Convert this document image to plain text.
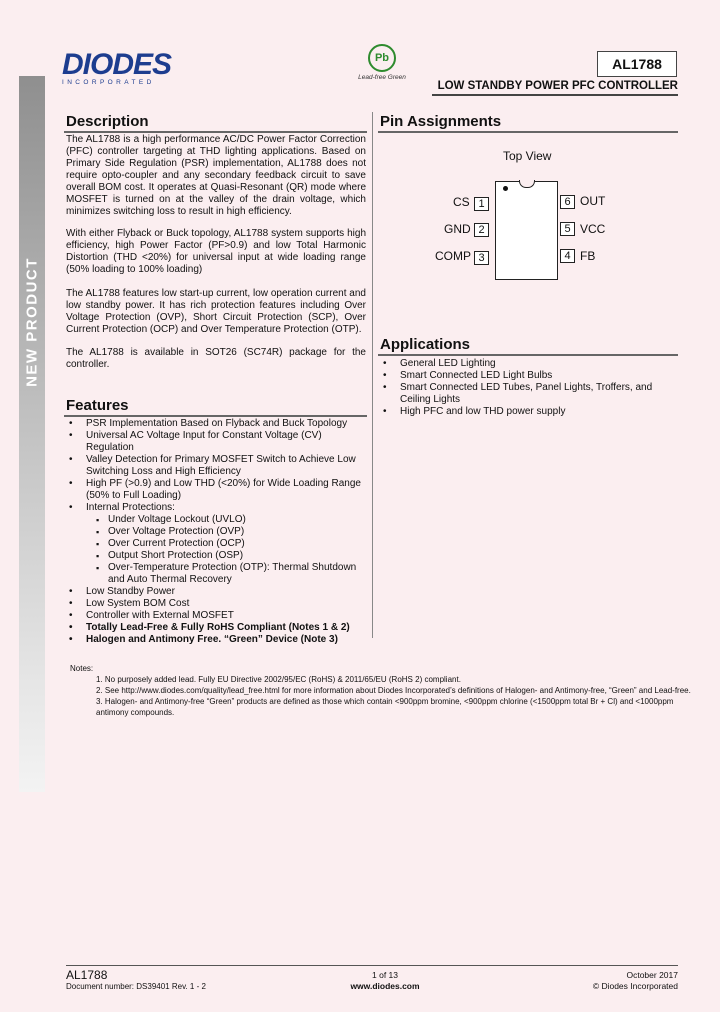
NEW PRODUCT
DIODES
INCORPORATED
Pb
Lead-free Green
AL1788
LOW STANDBY POWER PFC CONTROLLER
Description

The AL1788 is a high performance AC/DC Power Factor Correction (PFC) controller targeting at THD lighting applications. Based on Primary Side Regulation (PSR) implementation, AL1788 does not require opto-coupler and any secondary feedback circuit to save overall BOM cost. It operates at Quasi-Resonant (QR) mode where MOSFET is turned on at the valley of the drain voltage, which minimizes switching loss to result in high efficiency.

With either Flyback or Buck topology, AL1788 system supports high efficiency, high Power Factor (PF>0.9) and low Total Harmonic Distortion (THD <20%) for universal input at wide loading range (50% loading to 100% loading)

The AL1788 features low start-up current, low operation current and low standby power. It has rich protection features including Over Voltage Protection (OVP), Short Circuit Protection (SCP), Over Current Protection (OCP) and Over Temperature Protection (OTP).

The AL1788 is available in SOT26 (SC74R) package for the controller.

Pin Assignments
Top View
CS 1
GND 2
COMP 3
6 OUT
5 VCC
4 FB
Applications
• General LED Lighting
• Smart Connected LED Light Bulbs
• Smart Connected LED Tubes, Panel Lights, Troffers, and Ceiling Lights
• High PFC and low THD power supply
Features
• PSR Implementation Based on Flyback and Buck Topology
• Universal AC Voltage Input for Constant Voltage (CV) Regulation
• Valley Detection for Primary MOSFET Switch to Achieve Low Switching Loss and High Efficiency
• High PF (>0.9) and Low THD (<20%) for Wide Loading Range (50% to Full Loading)
• Internal Protections:
▪ Under Voltage Lockout (UVLO)
▪ Over Voltage Protection (OVP)
▪ Over Current Protection (OCP)
▪ Output Short Protection (OSP)
▪ Over-Temperature Protection (OTP): Thermal Shutdown and Auto Thermal Recovery
• Low Standby Power
• Low System BOM Cost
• Controller with External MOSFET
• Totally Lead-Free & Fully RoHS Compliant (Notes 1 & 2)
• Halogen and Antimony Free. “Green” Device (Note 3)
Notes:
1. No purposely added lead. Fully EU Directive 2002/95/EC (RoHS) & 2011/65/EU (RoHS 2) compliant.
2. See http://www.diodes.com/quality/lead_free.html for more information about Diodes Incorporated’s definitions of Halogen- and Antimony-free, “Green” and Lead-free.
3. Halogen- and Antimony-free “Green” products are defined as those which contain <900ppm bromine, <900ppm chlorine (<1500ppm total Br + Cl) and <1000ppm antimony compounds.
AL1788
Document number: DS39401 Rev. 1 - 2
1 of 13
www.diodes.com
October 2017
© Diodes Incorporated
